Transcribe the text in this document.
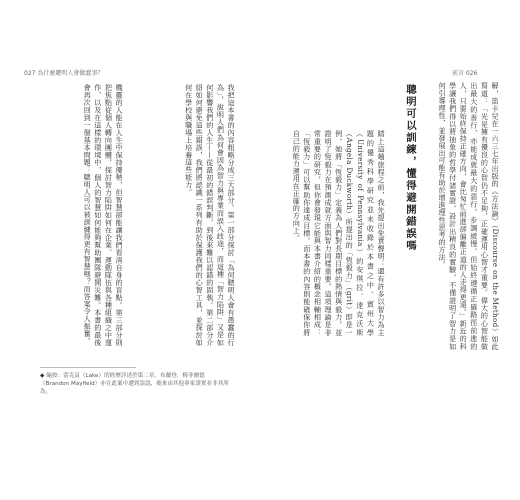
027 為什麼聰明人會做蠢事？	前言 026
解，笛卡兒在一六三七年出版的《方法論》（Discourse on the Method）如此寫道：「光是擁有優良的心智仍不足夠，正確運用心智才重要。偉大的心智能做出最大的善行，亦能成就最大的惡行。步調緩慢、但始終遵循正確路徑前進的人，只要始終保持正確方向，會比匆忙前進卻偏離正道的人走得更遠。」新近的科學讓我們得以將抽象的哲學付諸實證，設計出精良的實驗，不僅證明了智力是如何引導理性，並發展出可能有助於增進理性思考的方法。
聰明可以訓練，懂得避開錯誤嗎
踏上這趟旅程之前，我先提出免責聲明：還有許多以智力為主題的優秀科學研究並未收錄於本書之中。賓州大學（University of Pennsylvania）的安琪拉．達克沃斯（Angela Duckworth）所提出的「恆毅力」（grit）即是一例，她將「恆毅力」定義為人們對長期目標的熱情與毅力，並證明了恆毅力在預測成就方面與智力同樣重要。這項理論是非常重要的研究，但你會發現它能與本書介紹的概念相輔相成：「恆毅力」可以幫助你達成目標，而本書的內容則能確保你將自己的能力運用在正確的方向上。
我把這本書的內容粗略分成三大部分。第一部分探討「為何聰明人會有愚蠢的行為」，說明人們為何會因為智力與專業而誤入歧途，而這種「智力陷阱」又是如何影響我們的人生——從最初的錯誤判斷，到後來難以認錯的固執。第二部分介紹如何避免這些錯誤，我們將認識一系列有助於保護我們的心智工具，並探討如何在學校與職場上培養這些能力。
機靈的人能在人生中保持優勢，但智慧卻能讓我們看清自身的盲點。第三部分則把焦點從個人轉向團體，探討智力陷阱如何在企業、運動隊伍與各種組織之中運作，以及在這樣的環境中，個人的智慧如何能夠幫助團隊避開災難。本書的最後會再次回到一個基本問題：聰明人可以被訓練得更有智慧嗎？而答案令人振奮。
◆ 編按：蕾克哀（Lake）的經歷詳述於第二章。布蘭登．梅菲爾德（Brandon Mayfield）亦在此案中遭到誤認，後來由其他專家證實並非其所為。
